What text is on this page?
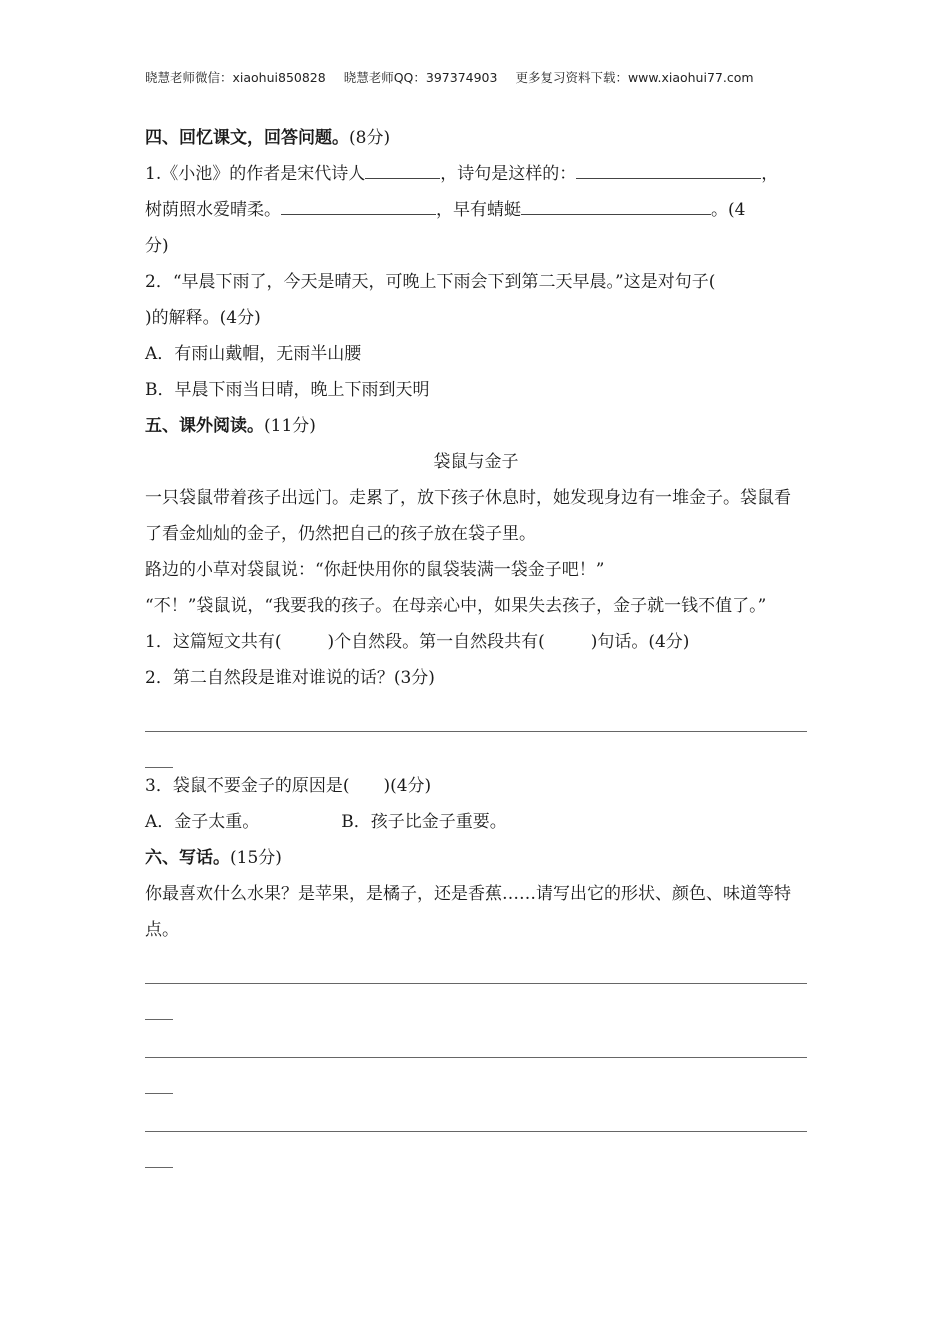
晓慧老师微信：xiaohui850828 晓慧老师QQ：397374903 更多复习资料下载：www.xiaohui77.com
四、回忆课文，回答问题。(8分)
1.《小池》的作者是宋代诗人	，诗句是这样的：	，
树荫照水爱晴柔。	，早有蜻蜓	。(4
分)
2．“早晨下雨了，今天是晴天，可晚上下雨会下到第二天早晨。”这是对句子(
)的解释。(4分)
A．有雨山戴帽，无雨半山腰
B．早晨下雨当日晴，晚上下雨到天明
五、课外阅读。(11分)
袋鼠与金子
一只袋鼠带着孩子出远门。走累了，放下孩子休息时，她发现身边有一堆金子。袋鼠看了看金灿灿的金子，仍然把自己的孩子放在袋子里。
路边的小草对袋鼠说：“你赶快用你的鼠袋装满一袋金子吧！”
“不！”袋鼠说，“我要我的孩子。在母亲心中，如果失去孩子，金子就一钱不值了。”
1．这篇短文共有(	)个自然段。第一自然段共有(	)句话。(4分)
2．第二自然段是谁对谁说的话？(3分)
3．袋鼠不要金子的原因是( )(4分)
A．金子太重。	B．孩子比金子重要。
六、写话。(15分)
你最喜欢什么水果？是苹果，是橘子，还是香蕉……请写出它的形状、颜色、味道等特点。
